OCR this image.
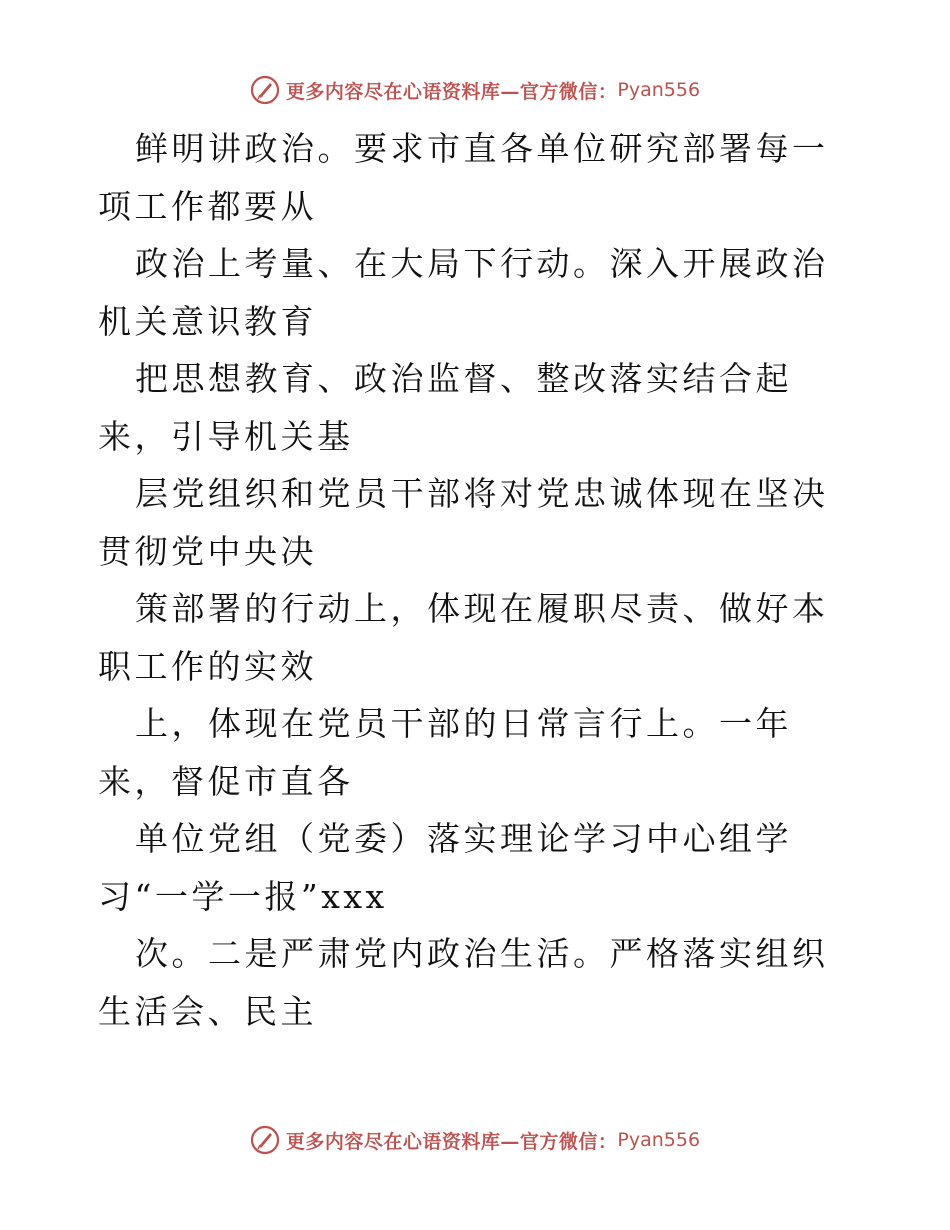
更多内容尽在心语资料库—官方微信： Pyan556

鲜明讲政治。要求市直各单位研究部署每一项工作都要从

政治上考量、在大局下行动。深入开展政治机关意识教育

把思想教育、政治监督、整改落实结合起来，引导机关基

层党组织和党员干部将对党忠诚体现在坚决贯彻党中央决

策部署的行动上，体现在履职尽责、做好本职工作的实效

上，体现在党员干部的日常言行上。一年来，督促市直各

单位党组（党委）落实理论学习中心组学习“一学一报”xxx

次。二是严肃党内政治生活。严格落实组织生活会、民主

更多内容尽在心语资料库—官方微信： Pyan556
